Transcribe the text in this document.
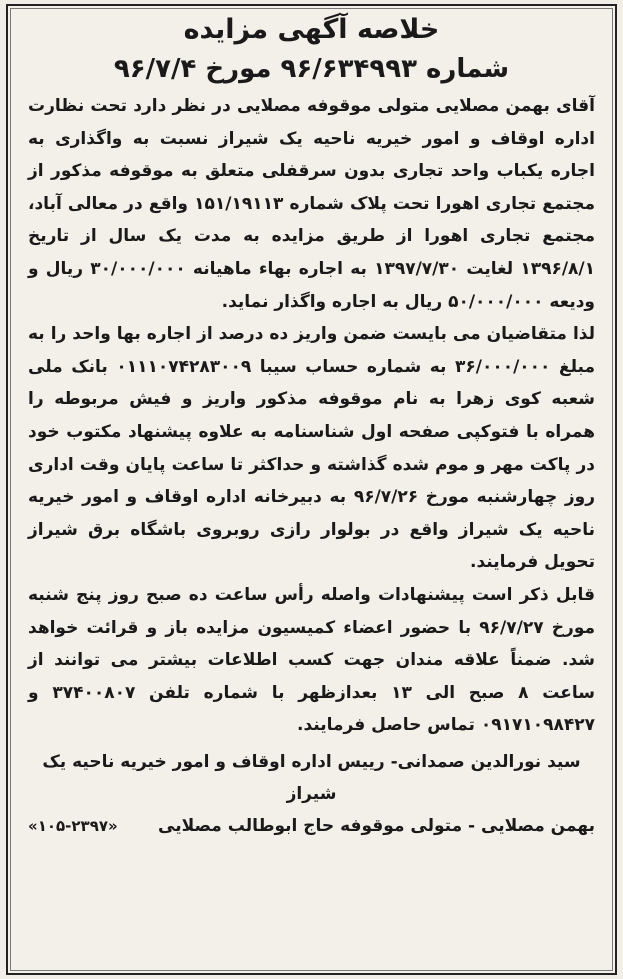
خلاصه آگهی مزایده
شماره ۹۶/۶۳۴۹۹۳ مورخ ۹۶/۷/۴

آقای بهمن مصلایی متولی موقوفه مصلایی در نظر دارد تحت نظارت اداره اوقاف و امور خیریه ناحیه یک شیراز نسبت به واگذاری به اجاره یکباب واحد تجاری بدون سرقفلی متعلق به موقوفه مذکور از مجتمع تجاری اهورا تحت پلاک شماره ۱۵۱/۱۹۱۱۳ واقع در معالی آباد، مجتمع تجاری اهورا از طریق مزایده به مدت یک سال از تاریخ ۱۳۹۶/۸/۱ لغایت ۱۳۹۷/۷/۳۰ به اجاره بهاء ماهیانه ۳۰/۰۰۰/۰۰۰ ریال و ودیعه ۵۰/۰۰۰/۰۰۰ ریال به اجاره واگذار نماید.

لذا متقاضیان می بایست ضمن واریز ده درصد از اجاره بها واحد را به مبلغ ۳۶/۰۰۰/۰۰۰ به شماره حساب سیبا ۰۱۱۱۰۷۴۲۸۳۰۰۹ بانک ملی شعبه کوی زهرا به نام موقوفه مذکور واریز و فیش مربوطه را همراه با فتوکپی صفحه اول شناسنامه به علاوه پیشنهاد مکتوب خود در پاکت مهر و موم شده گذاشته و حداکثر تا ساعت پایان وقت اداری روز چهارشنبه مورخ ۹۶/۷/۲۶ به دبیرخانه اداره اوقاف و امور خیریه ناحیه یک شیراز واقع در بولوار رازی روبروی باشگاه برق شیراز تحویل فرمایند.

قابل ذکر است پیشنهادات واصله رأس ساعت ده صبح روز پنج شنبه مورخ ۹۶/۷/۲۷ با حضور اعضاء کمیسیون مزایده باز و قرائت خواهد شد. ضمناً علاقه مندان جهت کسب اطلاعات بیشتر می توانند از ساعت ۸ صبح الی ۱۳ بعدازظهر با شماره تلفن ۳۷۴۰۰۸۰۷ و ۰۹۱۷۱۰۹۸۴۲۷ تماس حاصل فرمایند.

سید نورالدین صمدانی- رییس اداره اوقاف و امور خیریه ناحیه یک شیراز
بهمن مصلایی - متولی موقوفه حاج ابوطالب مصلایی
«۱۰۵-۲۳۹۷»
